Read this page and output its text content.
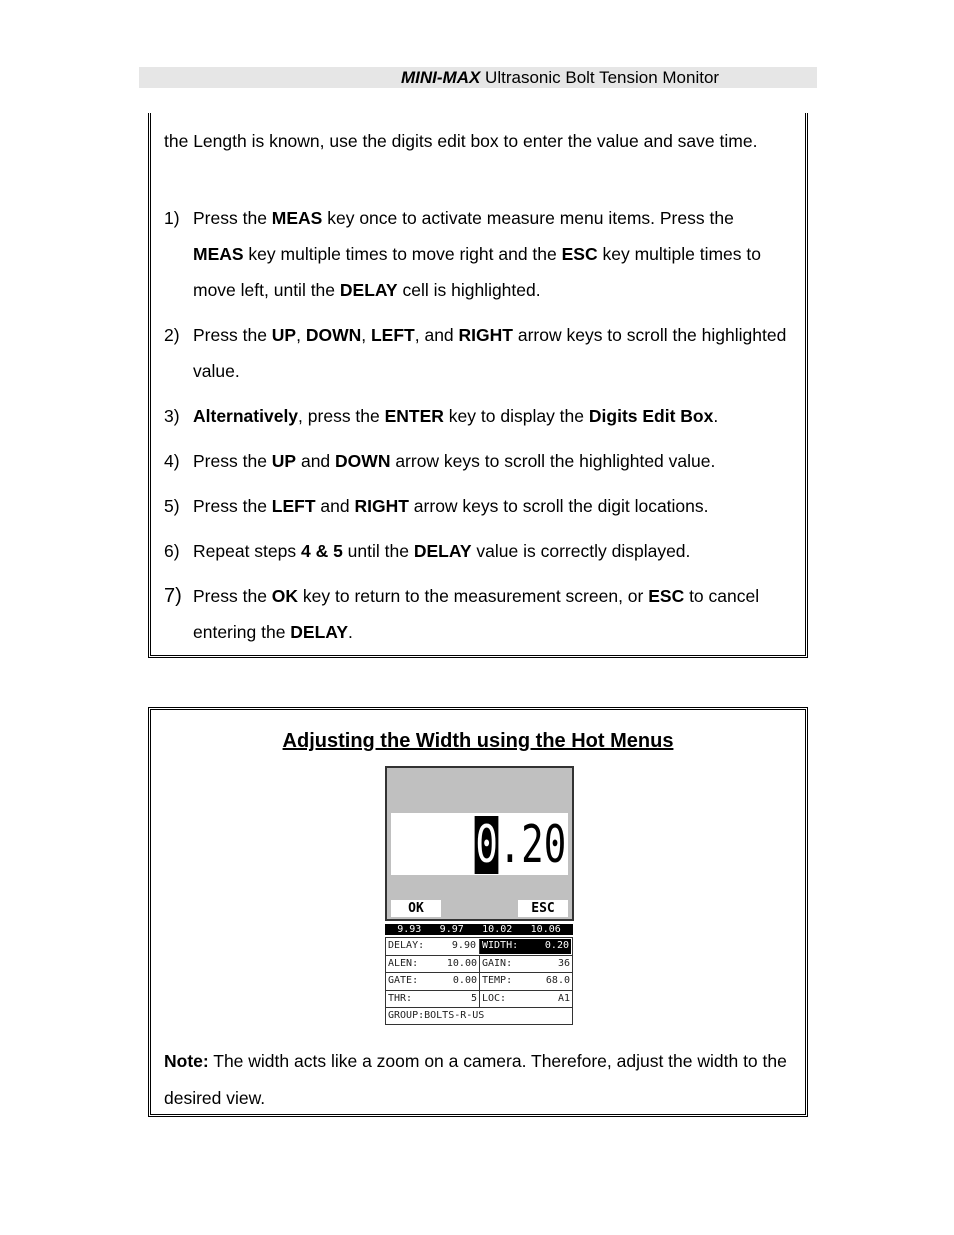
MINI-MAX Ultrasonic Bolt Tension Monitor

the Length is known, use the digits edit box to enter the value and save time.

1) Press the MEAS key once to activate measure menu items. Press the MEAS key multiple times to move right and the ESC key multiple times to move left, until the DELAY cell is highlighted.
2) Press the UP, DOWN, LEFT, and RIGHT arrow keys to scroll the highlighted value.
3) Alternatively, press the ENTER key to display the Digits Edit Box.
4) Press the UP and DOWN arrow keys to scroll the highlighted value.
5) Press the LEFT and RIGHT arrow keys to scroll the digit locations.
6) Repeat steps 4 & 5 until the DELAY value is correctly displayed.
7) Press the OK key to return to the measurement screen, or ESC to cancel entering the DELAY.
Adjusting the Width using the Hot Menus
0 .20
OK	ESC
9.93 9.97 10.02 10.06
DELAY:	9.90 WIDTH:	0.20
ALEN:	10.00 GAIN:	36
GATE:	0.00 TEMP:	68.0
THR:	5 LOC:	A1
GROUP:BOLTS-R-US

Note: The width acts like a zoom on a camera. Therefore, adjust the width to the desired view.
